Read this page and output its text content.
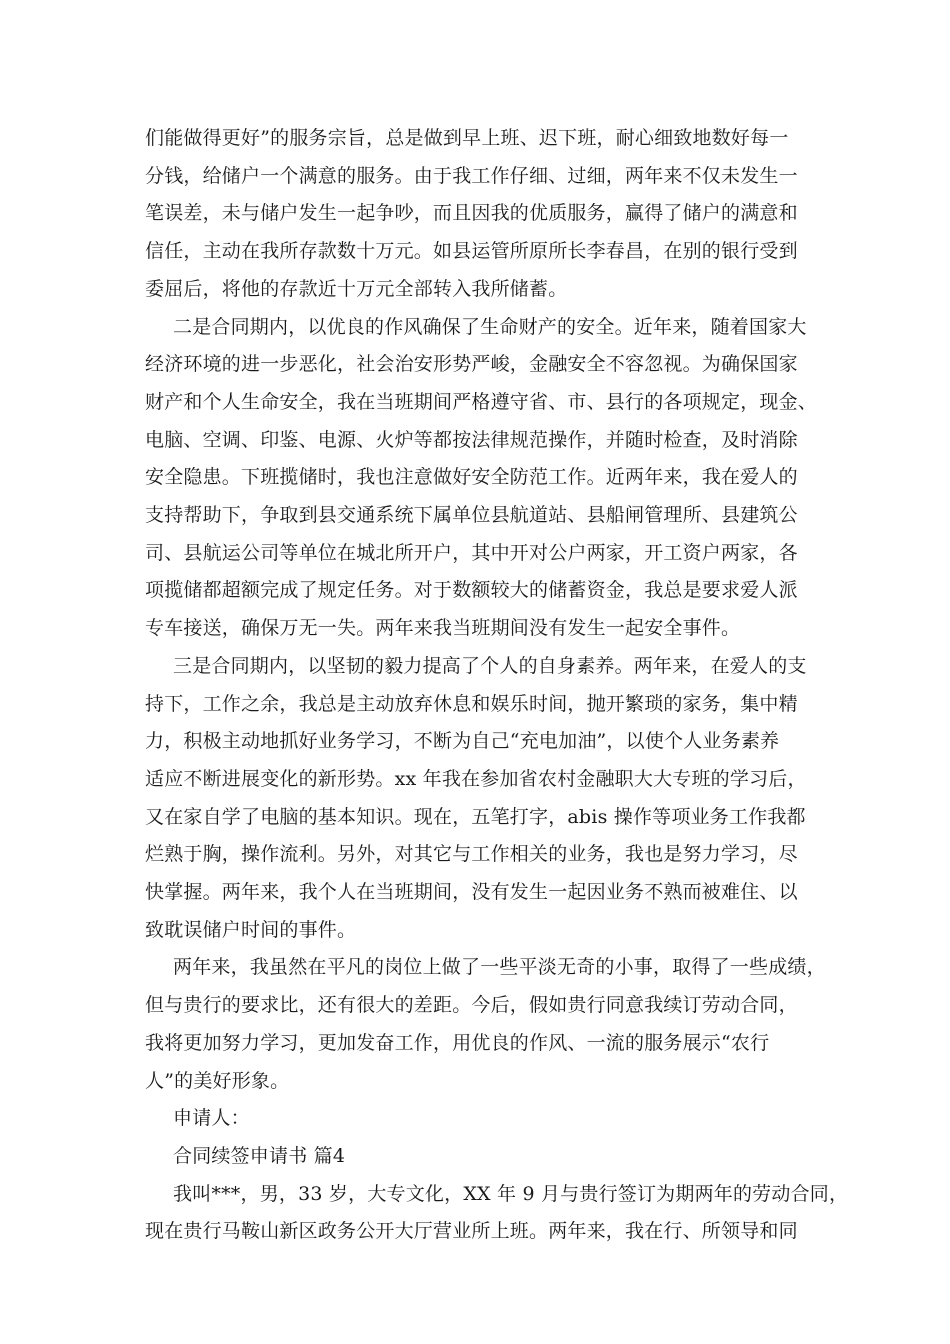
们能做得更好”的服务宗旨，总是做到早上班、迟下班，耐心细致地数好每一
分钱，给储户一个满意的服务。由于我工作仔细、过细，两年来不仅未发生一
笔误差，未与储户发生一起争吵，而且因我的优质服务，赢得了储户的满意和
信任，主动在我所存款数十万元。如县运管所原所长李春昌，在别的银行受到
委屈后，将他的存款近十万元全部转入我所储蓄。
二是合同期内，以优良的作风确保了生命财产的安全。近年来，随着国家大
经济环境的进一步恶化，社会治安形势严峻，金融安全不容忽视。为确保国家
财产和个人生命安全，我在当班期间严格遵守省、市、县行的各项规定，现金、
电脑、空调、印鉴、电源、火炉等都按法律规范操作，并随时检查，及时消除
安全隐患。下班揽储时，我也注意做好安全防范工作。近两年来，我在爱人的
支持帮助下，争取到县交通系统下属单位县航道站、县船闸管理所、县建筑公
司、县航运公司等单位在城北所开户，其中开对公户两家，开工资户两家，各
项揽储都超额完成了规定任务。对于数额较大的储蓄资金，我总是要求爱人派
专车接送，确保万无一失。两年来我当班期间没有发生一起安全事件。
三是合同期内，以坚韧的毅力提高了个人的自身素养。两年来，在爱人的支
持下，工作之余，我总是主动放弃休息和娱乐时间，抛开繁琐的家务，集中精
力，积极主动地抓好业务学习，不断为自己“充电加油”，以使个人业务素养
适应不断进展变化的新形势。xx 年我在参加省农村金融职大大专班的学习后，
又在家自学了电脑的基本知识。现在，五笔打字，abis 操作等项业务工作我都
烂熟于胸，操作流利。另外，对其它与工作相关的业务，我也是努力学习，尽
快掌握。两年来，我个人在当班期间，没有发生一起因业务不熟而被难住、以
致耽误储户时间的事件。
两年来，我虽然在平凡的岗位上做了一些平淡无奇的小事，取得了一些成绩，
但与贵行的要求比，还有很大的差距。今后，假如贵行同意我续订劳动合同，
我将更加努力学习，更加发奋工作，用优良的作风、一流的服务展示“农行
人”的美好形象。
申请人：
合同续签申请书 篇4
我叫***，男，33 岁，大专文化，XX 年 9 月与贵行签订为期两年的劳动合同，
现在贵行马鞍山新区政务公开大厅营业所上班。两年来，我在行、所领导和同
